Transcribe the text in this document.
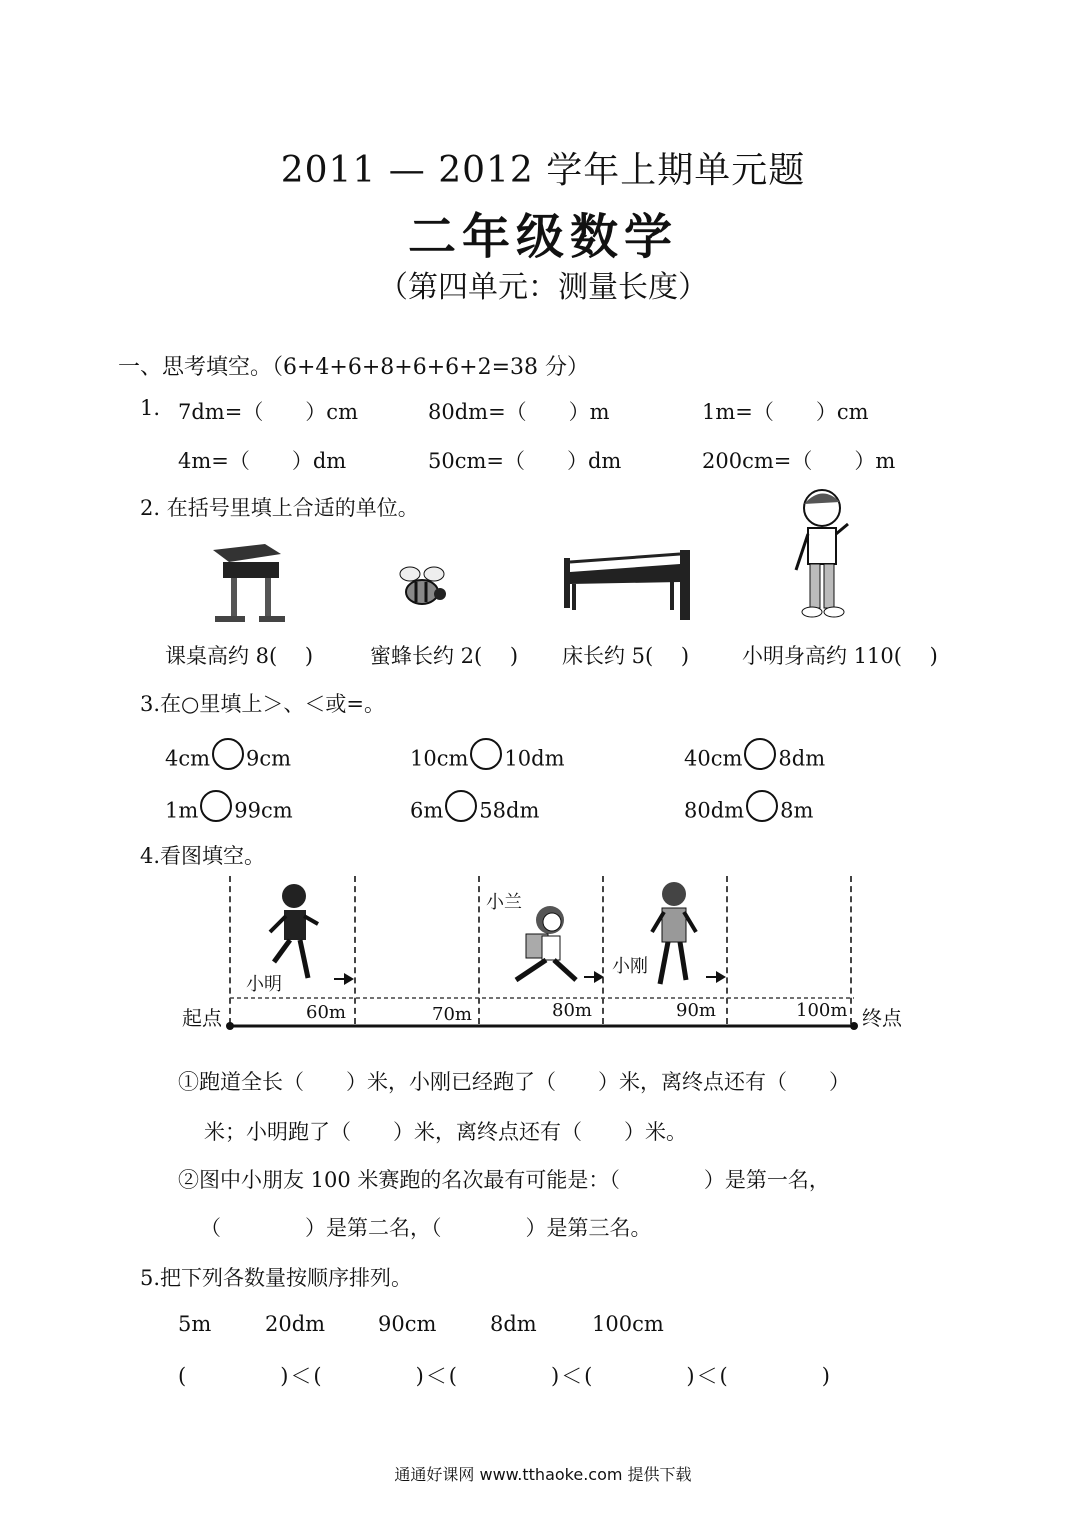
2011 — 2012 学年上期单元题
二年级数学
（第四单元：测量长度）
一、思考填空。（6+4+6+8+6+6+2=38 分）
1. 7dm=（　　）cm	80dm=（　　）m	1m=（　　）cm
4m=（　　）dm	50cm=（　　）dm	200cm=（　　）m
2. 在括号里填上合适的单位。
课桌高约 8(　 )	蜜蜂长约 2(　 ) 床长约 5(　 )	小明身高约 110(　 )
3.在○里填上＞、＜或=。
4cm 9cm	10cm 10dm	40cm 8dm
1m 99cm	6m 58dm	80dm 8m
4.看图填空。
起点	终点
60m	70m	80m	90m	100m
小明
小兰
小刚
①跑道全长（　　）米，小刚已经跑了（　　）米，离终点还有（　　）
米；小明跑了（　　）米，离终点还有（　　）米。
②图中小朋友 100 米赛跑的名次最有可能是：（　　　　）是第一名，
（　　　　）是第二名，（　　　　）是第三名。
5.把下列各数量按顺序排列。
5m	20dm	90cm	8dm	100cm
(　　　　)＜(　　　　)＜(　　　　)＜(　　　　)＜(　　　　)
通通好课网 www.tthaoke.com 提供下载
